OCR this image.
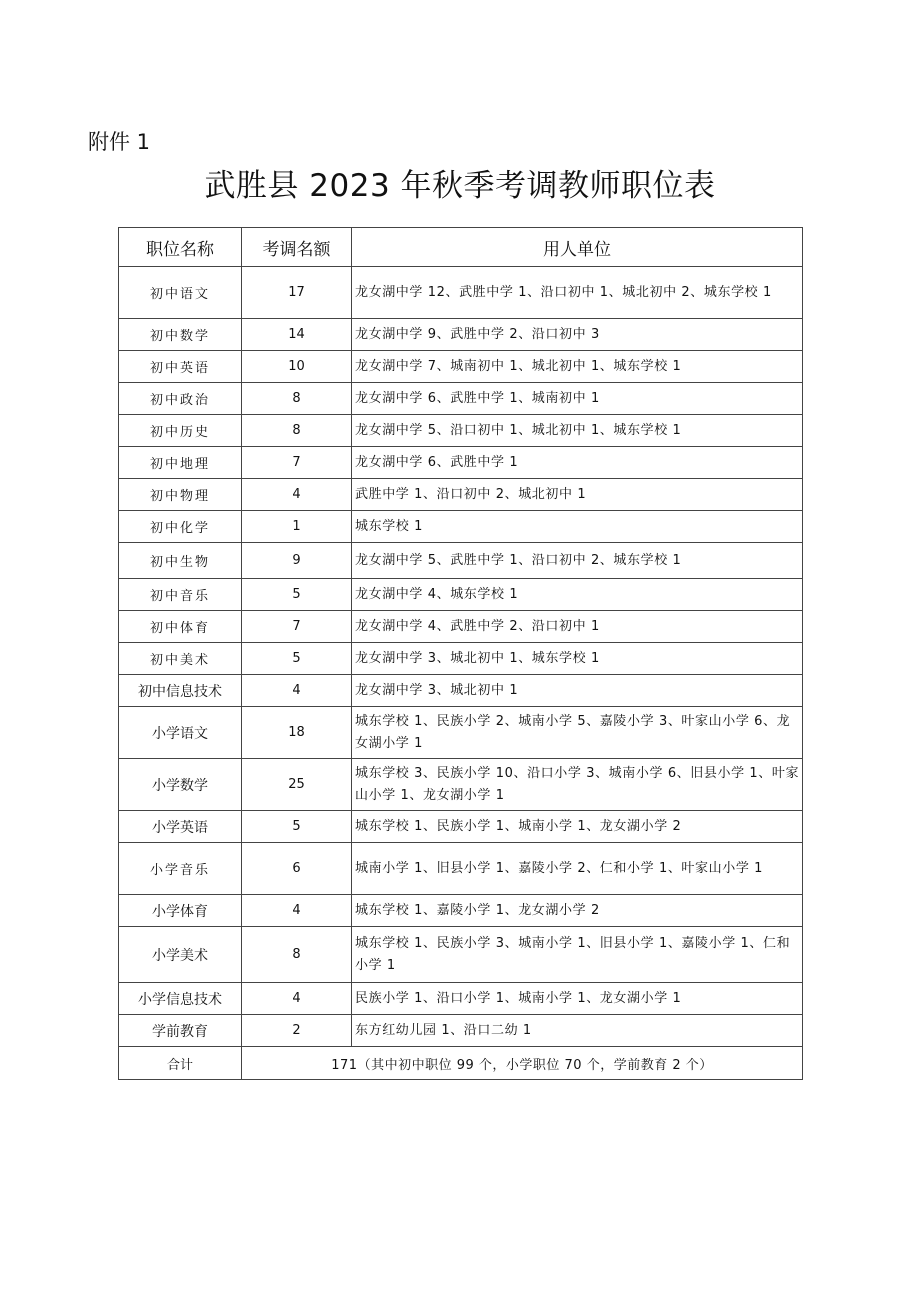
附件 1
武胜县 2023 年秋季考调教师职位表
职位名称	考调名额	用人单位
初中语文	17	龙女湖中学 12、武胜中学 1、沿口初中 1、城北初中 2、城东学校 1
初中数学	14	龙女湖中学 9、武胜中学 2、沿口初中 3
初中英语	10	龙女湖中学 7、城南初中 1、城北初中 1、城东学校 1
初中政治	8	龙女湖中学 6、武胜中学 1、城南初中 1
初中历史	8	龙女湖中学 5、沿口初中 1、城北初中 1、城东学校 1
初中地理	7	龙女湖中学 6、武胜中学 1
初中物理	4	武胜中学 1、沿口初中 2、城北初中 1
初中化学	1	城东学校 1
初中生物	9	龙女湖中学 5、武胜中学 1、沿口初中 2、城东学校 1
初中音乐	5	龙女湖中学 4、城东学校 1
初中体育	7	龙女湖中学 4、武胜中学 2、沿口初中 1
初中美术	5	龙女湖中学 3、城北初中 1、城东学校 1
初中信息技术	4	龙女湖中学 3、城北初中 1
小学语文	18	城东学校 1、民族小学 2、城南小学 5、嘉陵小学 3、叶家山小学 6、龙女湖小学 1
小学数学	25	城东学校 3、民族小学 10、沿口小学 3、城南小学 6、旧县小学 1、叶家山小学 1、龙女湖小学 1
小学英语	5	城东学校 1、民族小学 1、城南小学 1、龙女湖小学 2
小学音乐	6	城南小学 1、旧县小学 1、嘉陵小学 2、仁和小学 1、叶家山小学 1
小学体育	4	城东学校 1、嘉陵小学 1、龙女湖小学 2
小学美术	8	城东学校 1、民族小学 3、城南小学 1、旧县小学 1、嘉陵小学 1、仁和小学 1
小学信息技术	4	民族小学 1、沿口小学 1、城南小学 1、龙女湖小学 1
学前教育	2	东方红幼儿园 1、沿口二幼 1
合计	171（其中初中职位 99 个，小学职位 70 个，学前教育 2 个）	
